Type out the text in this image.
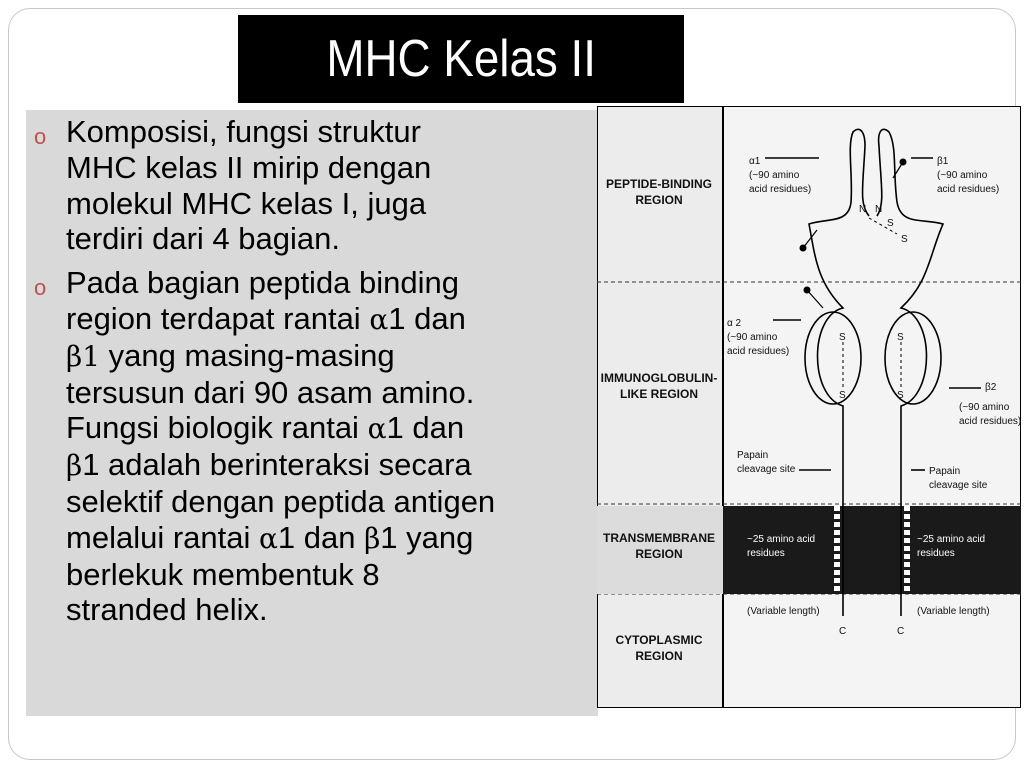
MHC Kelas II
o Komposisi, fungsi struktur
MHC kelas II mirip dengan
molekul MHC kelas I, juga
terdiri dari 4 bagian.
o Pada bagian peptida binding
region terdapat rantai α1 dan
β1 yang masing-masing
tersusun dari 90 asam amino.
Fungsi biologik rantai α1 dan
β1 adalah berinteraksi secara
selektif dengan peptida antigen
melalui rantai α1 dan β1 yang
berlekuk membentuk 8
stranded helix.
PEPTIDE-BINDING
REGION
IMMUNOGLOBULIN-
LIKE REGION
TRANSMEMBRANE
REGION
CYTOPLASMIC
REGION
N N
S
S
S
S
S
S
C	C
α1
(~90 amino
acid residues)
β1
(~90 amino
acid residues)
α 2
(~90 amino
acid residues)
β2
(~90 amino
acid residues)
Papain
cleavage site	Papain
cleavage site
~25 amino acid
residues
~25 amino acid
residues
(Variable length)	(Variable length)
